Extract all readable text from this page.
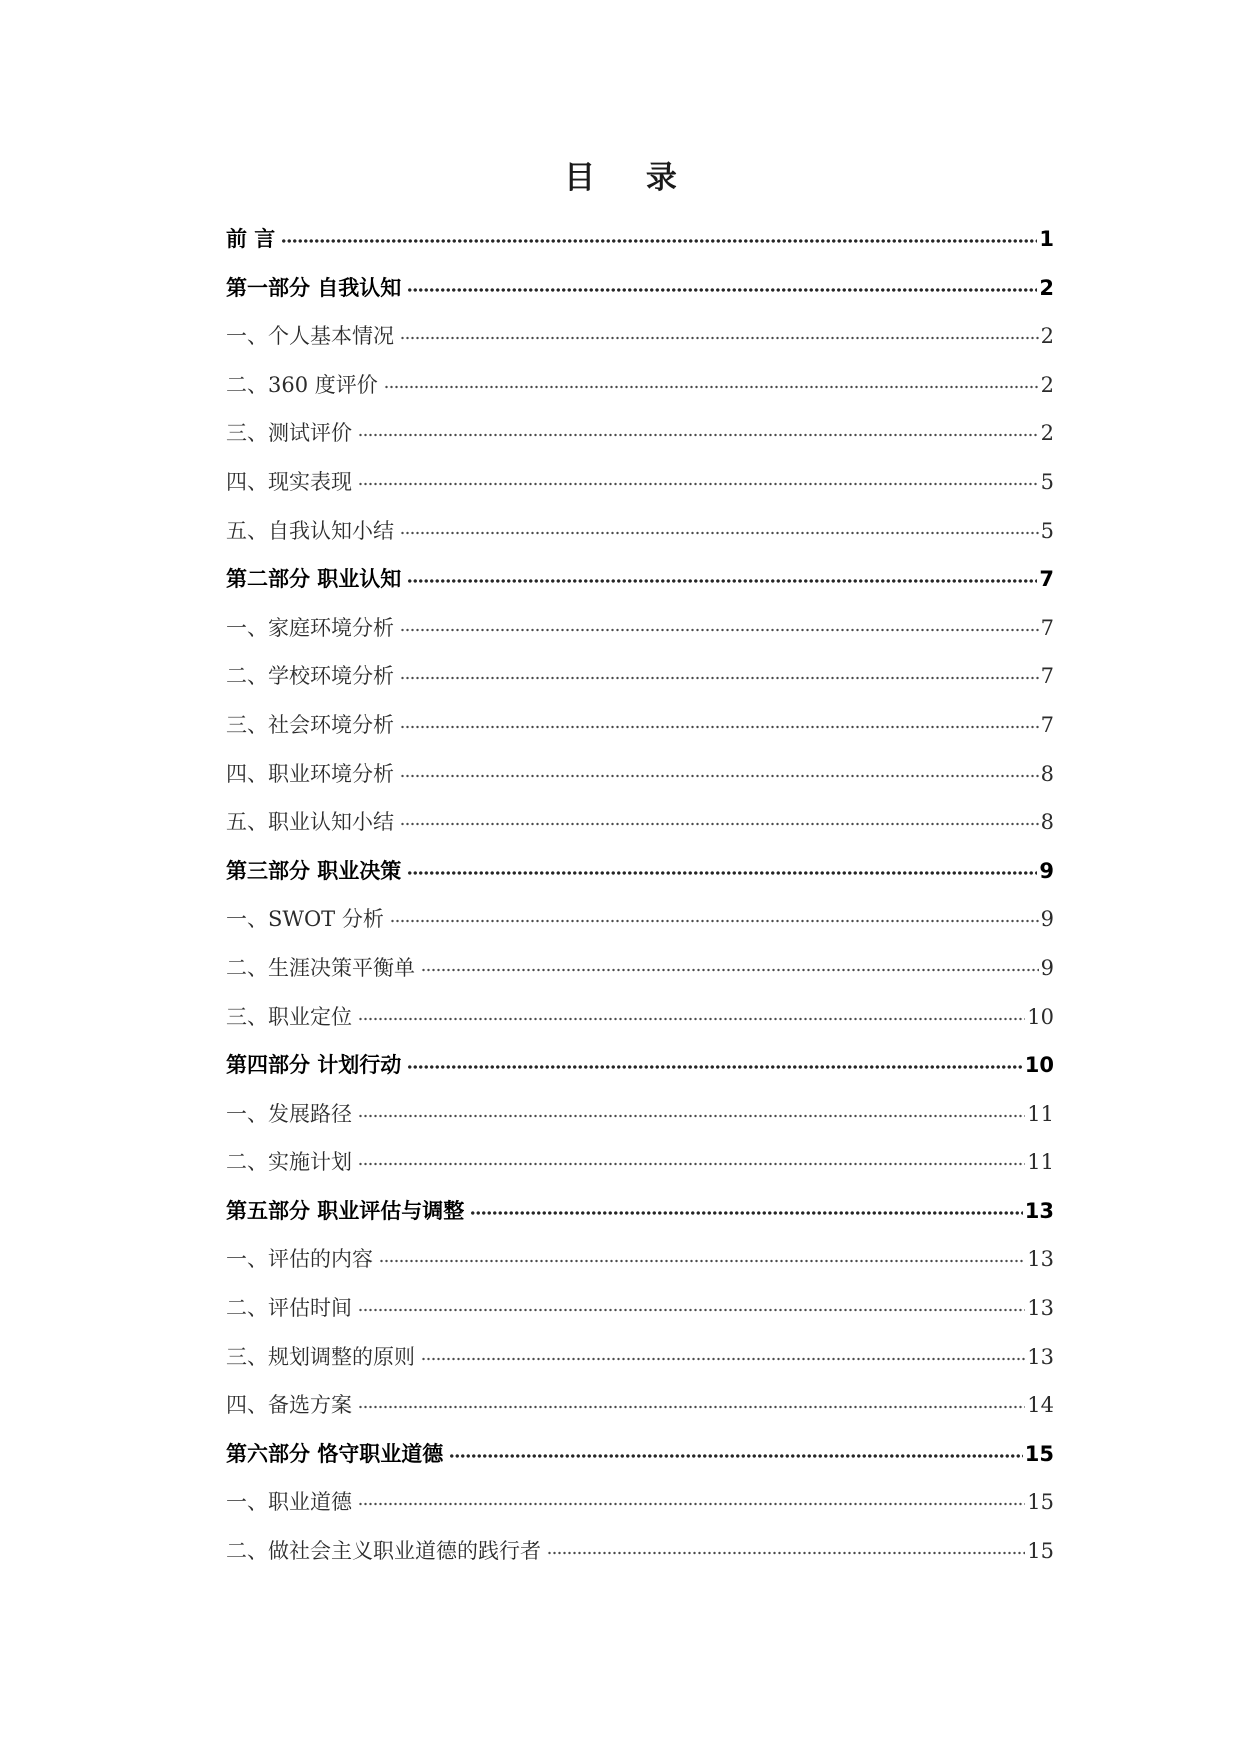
目 录
前 言	1
第一部分 自我认知	2
一、个人基本情况	2
二、360 度评价	2
三、测试评价	2
四、现实表现	5
五、自我认知小结	5
第二部分 职业认知	7
一、家庭环境分析	7
二、学校环境分析	7
三、社会环境分析	7
四、职业环境分析	8
五、职业认知小结	8
第三部分 职业决策	9
一、SWOT 分析	9
二、生涯决策平衡单	9
三、职业定位	10
第四部分 计划行动	10
一、发展路径	11
二、实施计划	11
第五部分 职业评估与调整	13
一、评估的内容	13
二、评估时间	13
三、规划调整的原则	13
四、备选方案	14
第六部分 恪守职业道德	15
一、职业道德	15
二、做社会主义职业道德的践行者	15
